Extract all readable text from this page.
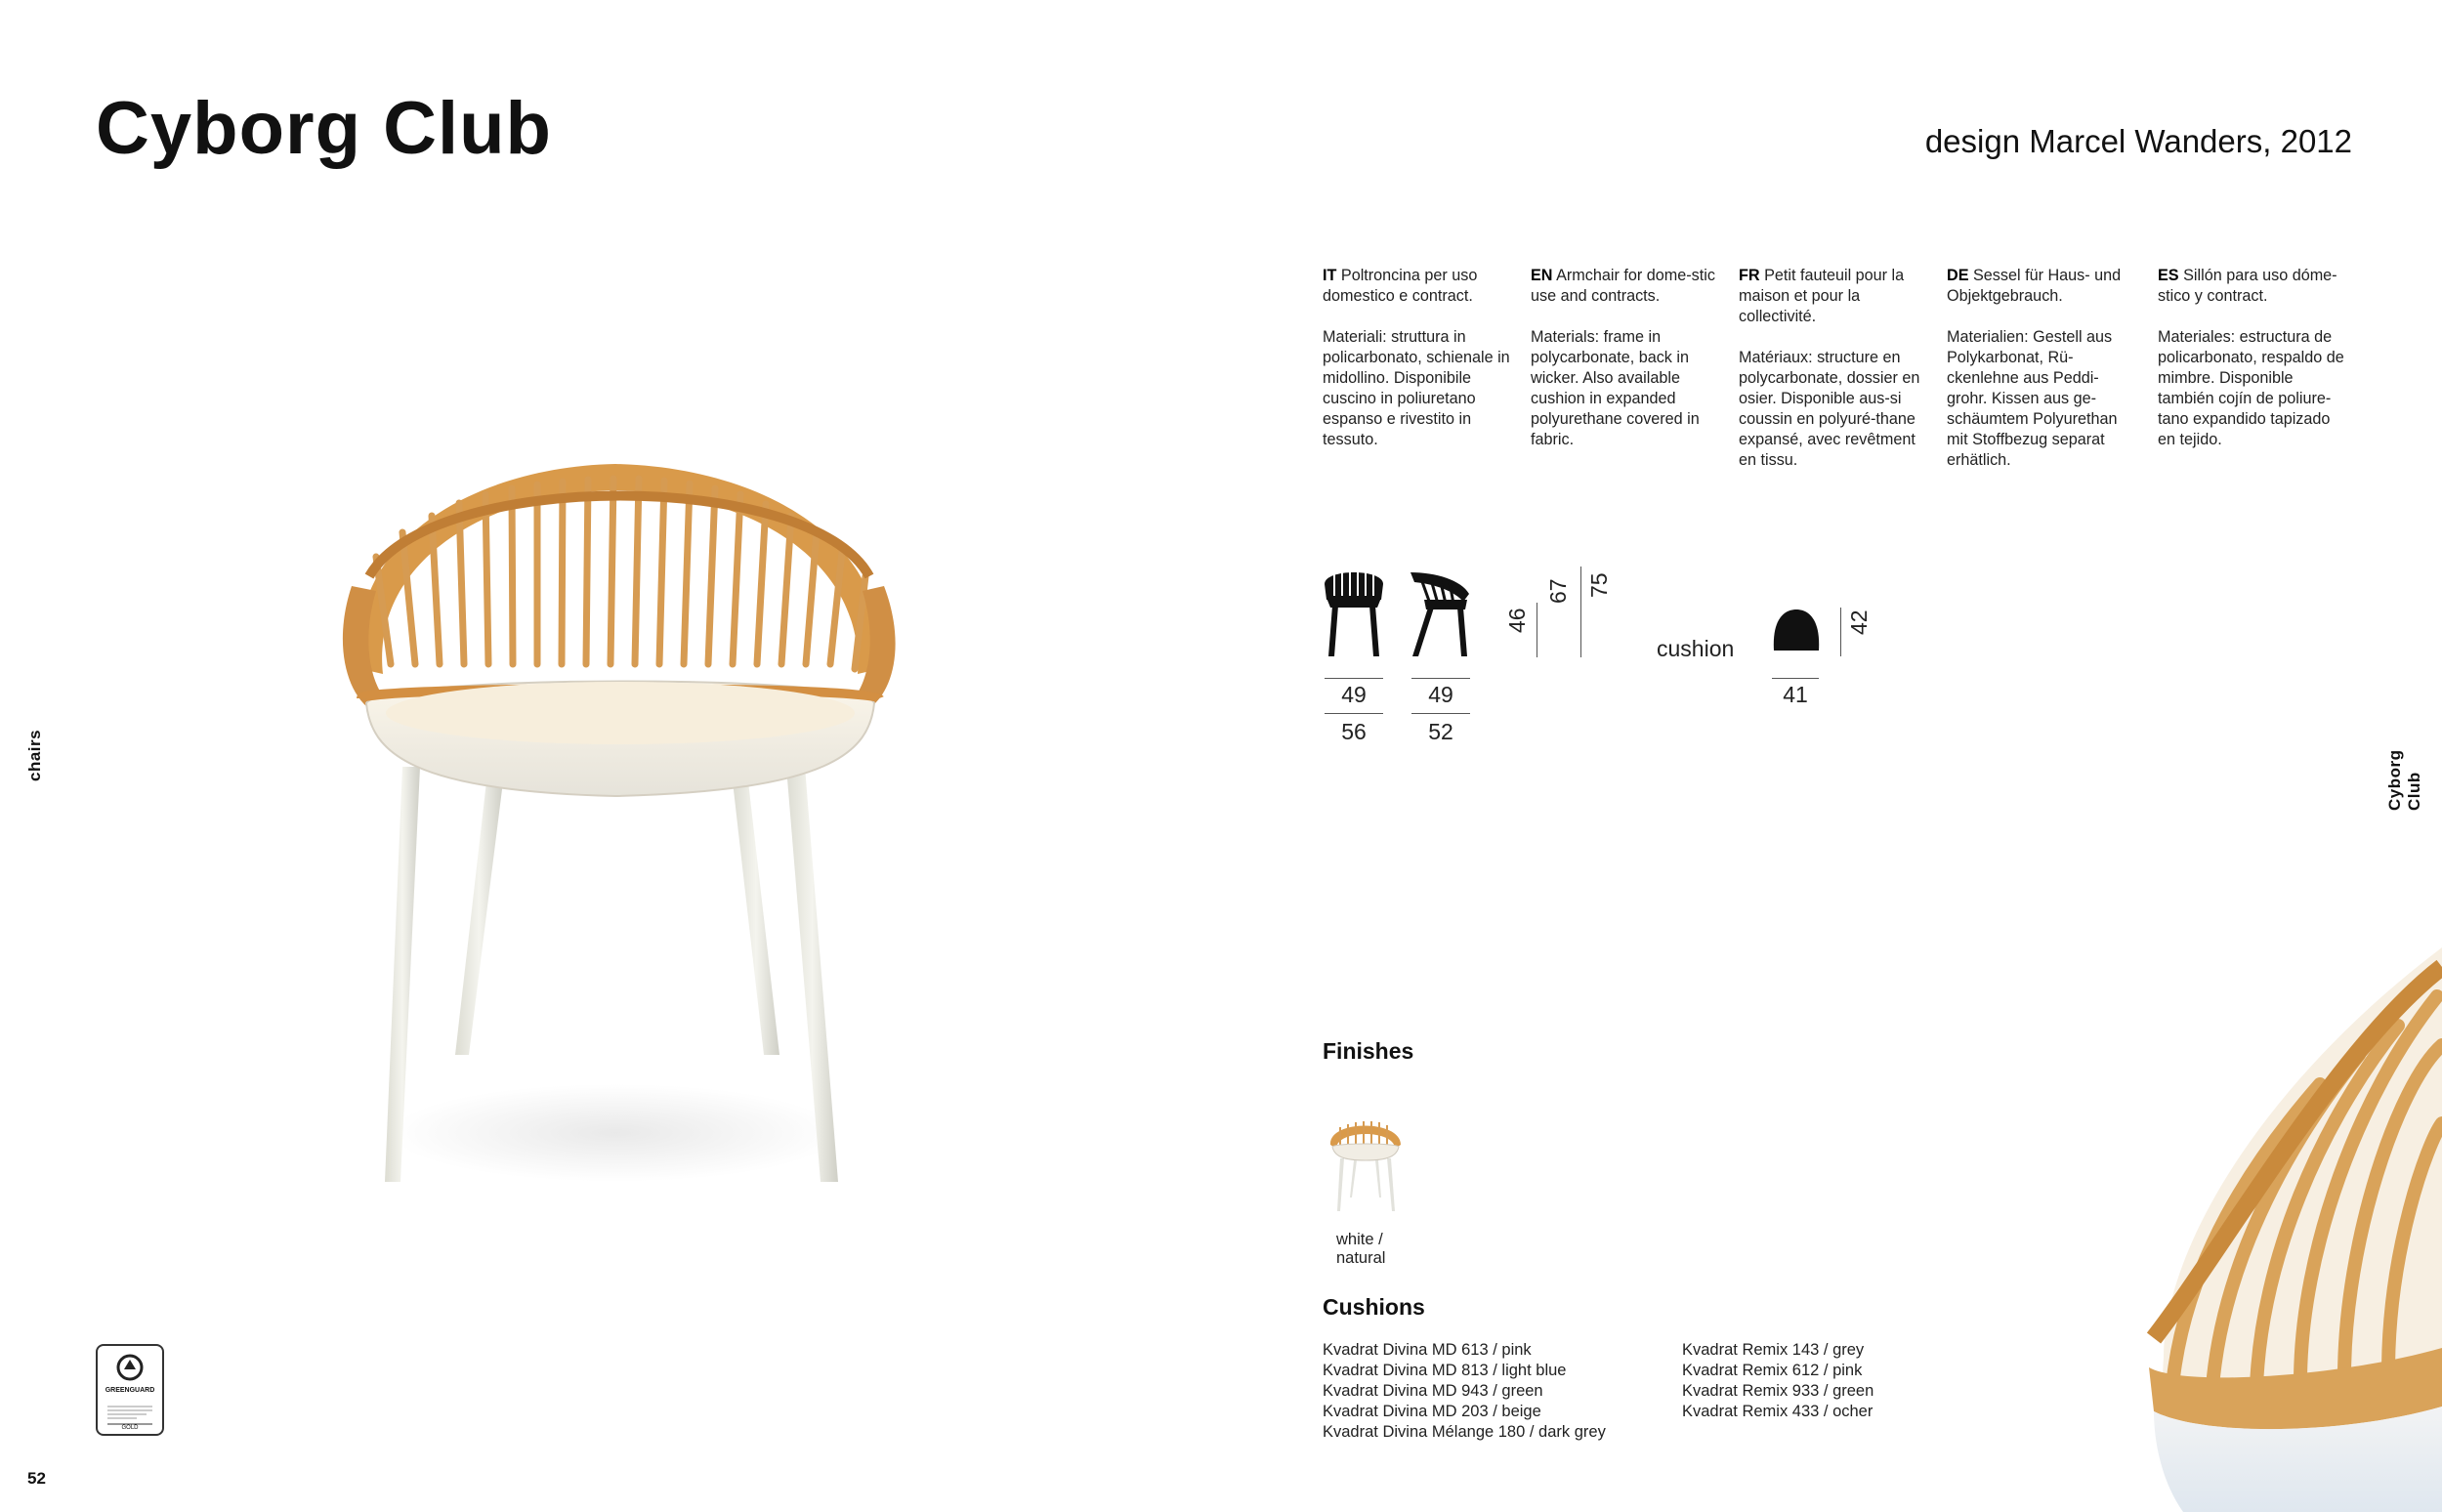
Cyborg Club	design Marcel Wanders, 2012
chairs	Cyborg Club
52

IT Poltroncina per uso domestico e contract.

Materiali: struttura in policarbonato, schienale in midollino. Disponibile cuscino in poliuretano espanso e rivestito in tessuto.

EN Armchair for dome-stic use and contracts.

Materials: frame in polycarbonate, back in wicker. Also available cushion in expanded polyurethane covered in fabric.

FR Petit fauteuil pour la maison et pour la collectivité.

Matériaux: structure en polycarbonate, dossier en osier. Disponible aus-si coussin en polyuré-thane expansé, avec revêtment en tissu.

DE Sessel für Haus- und Objektgebrauch.

Materialien: Gestell aus Polykarbonat, Rü-ckenlehne aus Peddi-grohr. Kissen aus ge-schäumtem Polyurethan mit Stoffbezug separat erhätlich.

ES Sillón para uso dóme-stico y contract.

Materiales: estructura de policarbonato, respaldo de mimbre. Disponible también cojín de poliure-tano expandido tapizado en tejido.

49
56
49
52
46
67 75
cushion
42
41
Finishes
white /
natural
Cushions
Kvadrat Divina MD 613 / pink
Kvadrat Divina MD 813 / light blue
Kvadrat Divina MD 943 / green
Kvadrat Divina MD 203 / beige
Kvadrat Divina Mélange 180 / dark grey
Kvadrat Remix 143 / grey
Kvadrat Remix 612 / pink
Kvadrat Remix 933 / green
Kvadrat Remix 433 / ocher
GREENGUARD
GOLD
